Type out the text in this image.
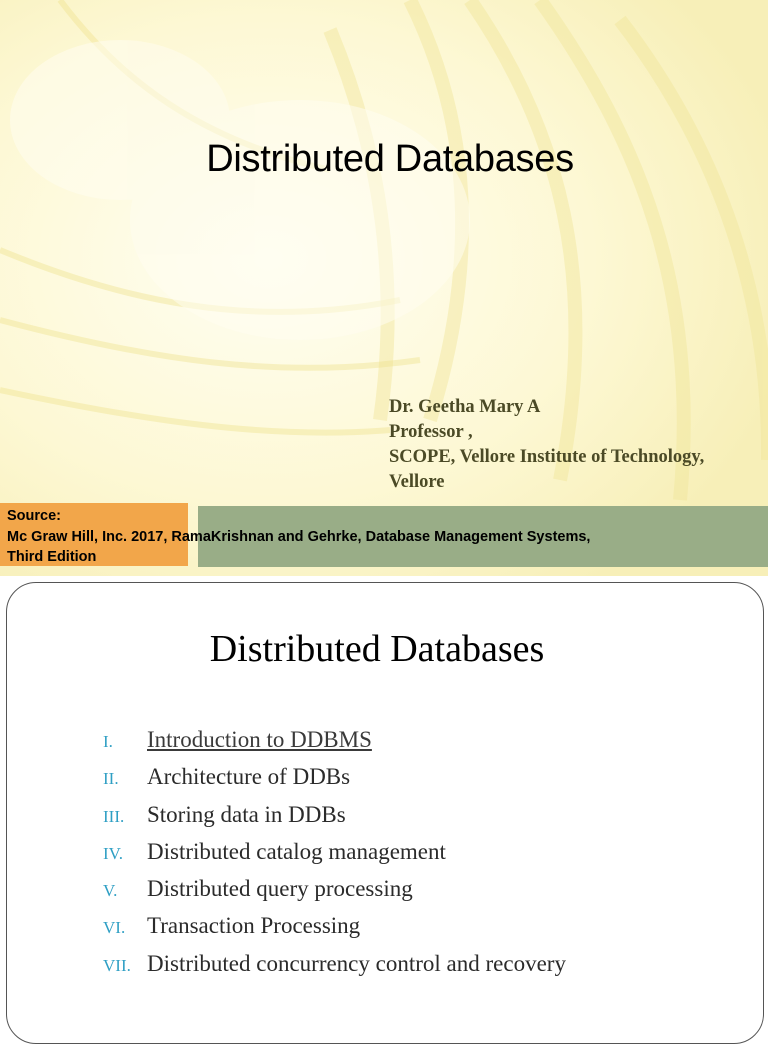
Distributed Databases
Dr. Geetha Mary A
Professor ,
SCOPE, Vellore Institute of Technology,
Vellore
Source:
Mc Graw Hill, Inc. 2017, RamaKrishnan and Gehrke, Database Management Systems,
Third Edition
Distributed Databases
I. Introduction to DDBMS
II. Architecture of DDBs
III. Storing data in DDBs
IV. Distributed catalog management
V. Distributed query processing
VI. Transaction Processing
VII. Distributed concurrency control and recovery
